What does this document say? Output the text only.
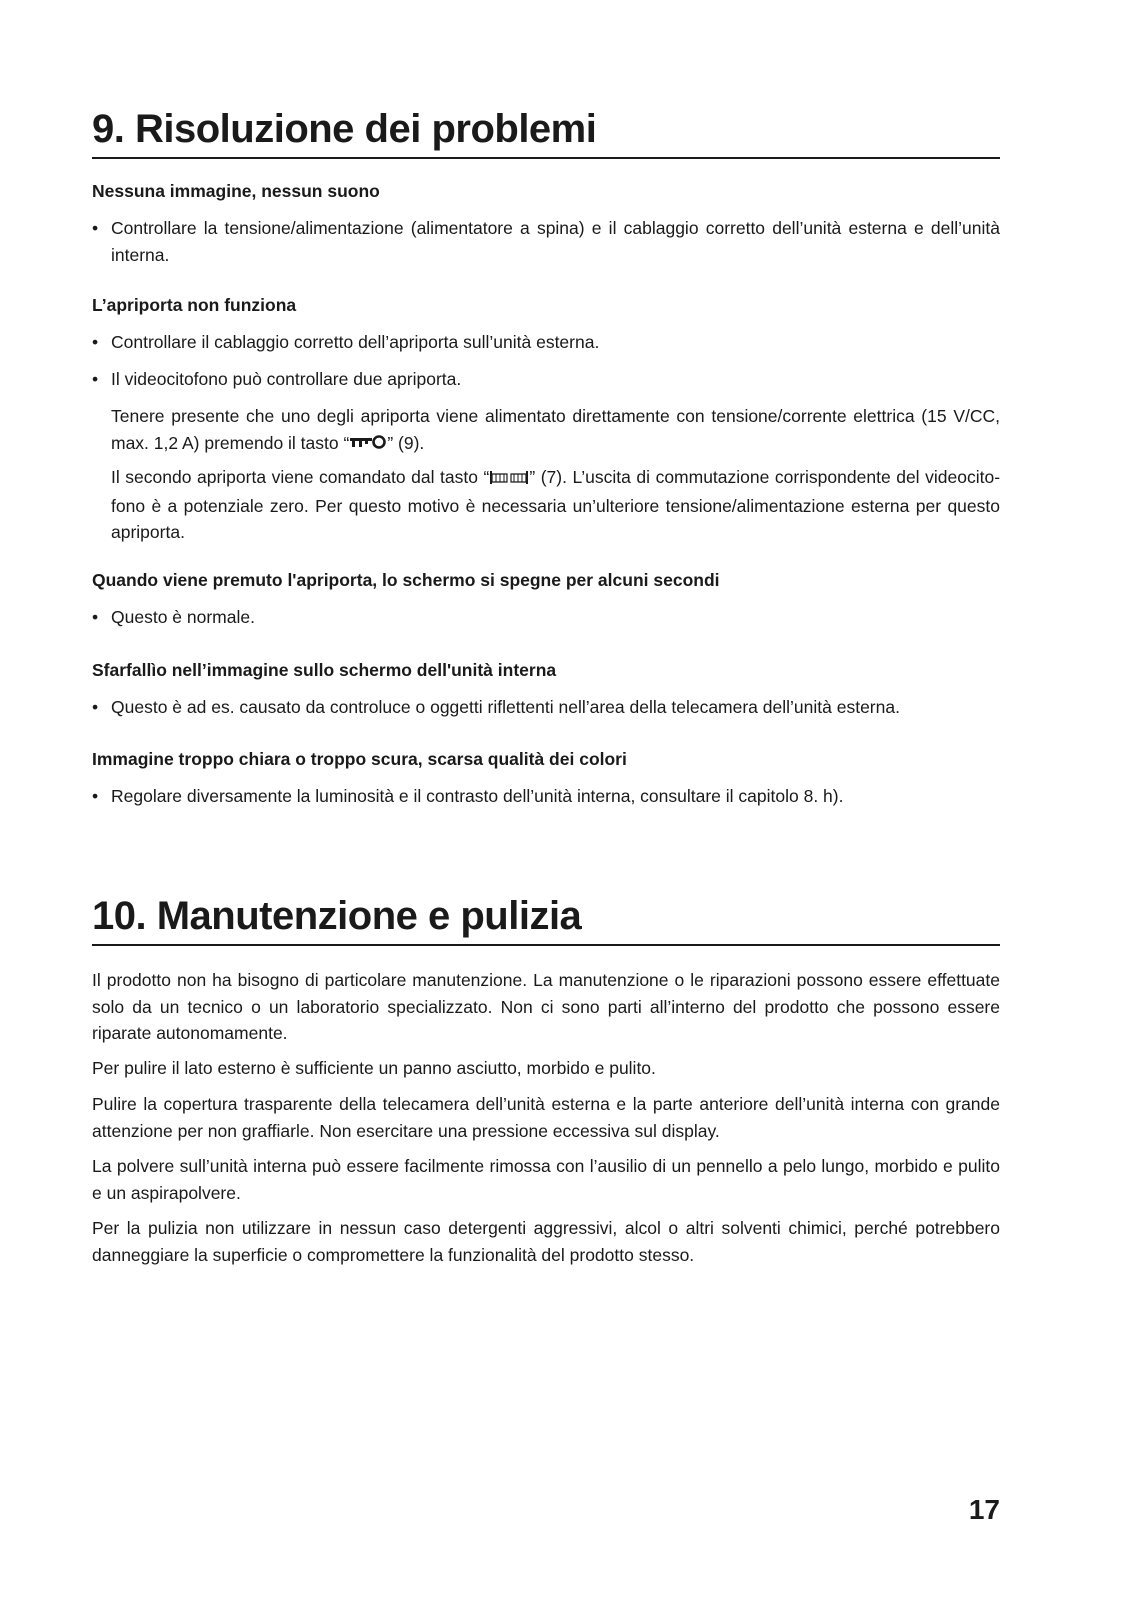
9. Risoluzione dei problemi
Nessuna immagine, nessun suono
• Controllare la tensione/alimentazione (alimentatore a spina) e il cablaggio corretto dell’unità esterna e dell’unità interna.
L’apriporta non funziona
• Controllare il cablaggio corretto dell’apriporta sull’unità esterna.
• Il videocitofono può controllare due apriporta.
Tenere presente che uno degli apriporta viene alimentato direttamente con tensione/corrente elettrica (15 V/CC, max. 1,2 A) premendo il tasto “ ” (9).
Il secondo apriporta viene comandato dal tasto “ ” (7). L’uscita di commutazione corrispondente del videocitofono è a potenziale zero. Per questo motivo è necessaria un’ulteriore tensione/alimentazione esterna per questo apriporta.
Quando viene premuto l'apriporta, lo schermo si spegne per alcuni secondi
• Questo è normale.
Sfarfallìo nell’immagine sullo schermo dell'unità interna
• Questo è ad es. causato da controluce o oggetti riflettenti nell’area della telecamera dell’unità esterna.
Immagine troppo chiara o troppo scura, scarsa qualità dei colori
• Regolare diversamente la luminosità e il contrasto dell’unità interna, consultare il capitolo 8. h).
10. Manutenzione e pulizia
Il prodotto non ha bisogno di particolare manutenzione. La manutenzione o le riparazioni possono essere effettuate solo da un tecnico o un laboratorio specializzato. Non ci sono parti all’interno del prodotto che possono essere riparate autonomamente.
Per pulire il lato esterno è sufficiente un panno asciutto, morbido e pulito.
Pulire la copertura trasparente della telecamera dell’unità esterna e la parte anteriore dell’unità interna con grande attenzione per non graffiarle. Non esercitare una pressione eccessiva sul display.
La polvere sull’unità interna può essere facilmente rimossa con l’ausilio di un pennello a pelo lungo, morbido e pulito e un aspirapolvere.
Per la pulizia non utilizzare in nessun caso detergenti aggressivi, alcol o altri solventi chimici, perché potrebbero danneggiare la superficie o compromettere la funzionalità del prodotto stesso.
17
